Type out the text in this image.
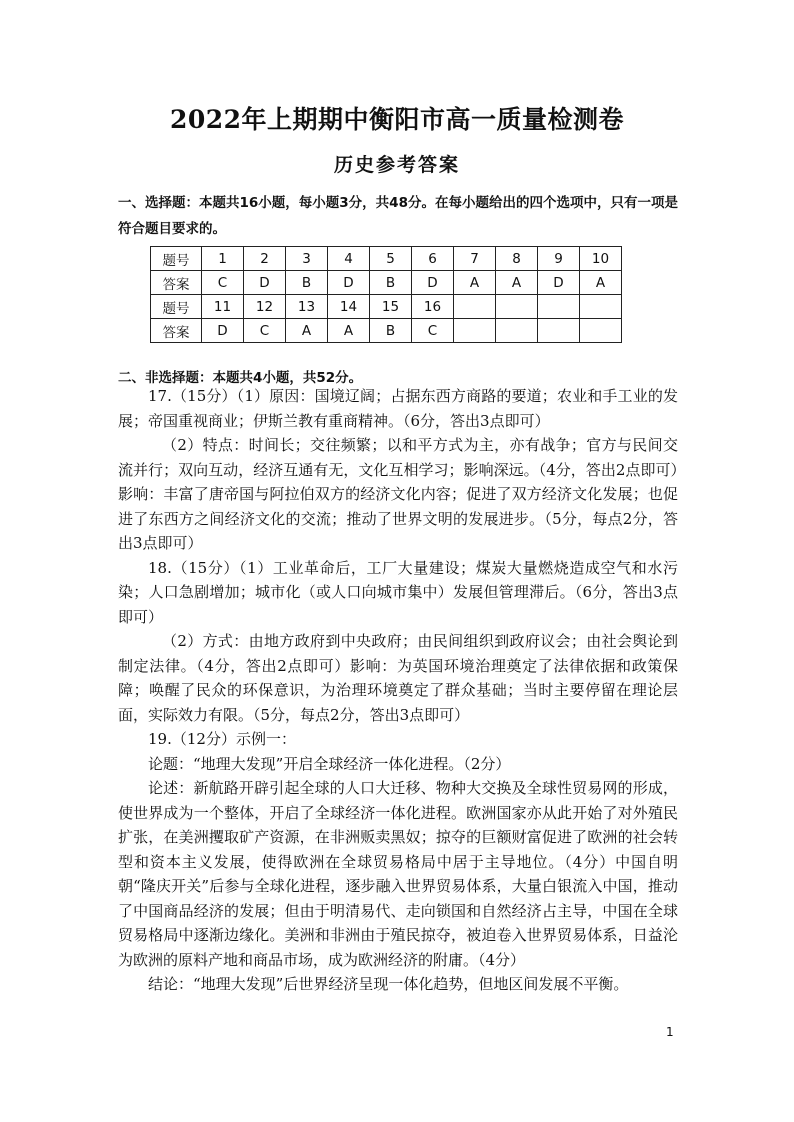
2022年上期期中衡阳市高一质量检测卷
历史参考答案
一、选择题：本题共16小题，每小题3分，共48分。在每小题给出的四个选项中，只有一项是符合题目要求的。
题号	1	2	3	4	5	6	7	8	9	10
答案	C	D	B	D	B	D	A	A	D	A
题号	11	12	13	14	15	16				
答案	D	C	A	A	B	C				
二、非选择题：本题共4小题，共52分。

17.（15分）（1）原因：国境辽阔；占据东西方商路的要道；农业和手工业的发展；帝国重视商业；伊斯兰教有重商精神。（6分，答出3点即可）

（2）特点：时间长；交往频繁；以和平方式为主，亦有战争；官方与民间交流并行；双向互动，经济互通有无，文化互相学习；影响深远。（4分，答出2点即可）影响：丰富了唐帝国与阿拉伯双方的经济文化内容；促进了双方经济文化发展；也促进了东西方之间经济文化的交流；推动了世界文明的发展进步。（5分，每点2分，答出3点即可）

18.（15分）（1）工业革命后，工厂大量建设；煤炭大量燃烧造成空气和水污染；人口急剧增加；城市化（或人口向城市集中）发展但管理滞后。（6分，答出3点即可）

（2）方式：由地方政府到中央政府；由民间组织到政府议会；由社会舆论到制定法律。（4分，答出2点即可）影响：为英国环境治理奠定了法律依据和政策保障；唤醒了民众的环保意识，为治理环境奠定了群众基础；当时主要停留在理论层面，实际效力有限。（5分，每点2分，答出3点即可）

19.（12分）示例一：

论题：“地理大发现”开启全球经济一体化进程。（2分）

论述：新航路开辟引起全球的人口大迁移、物种大交换及全球性贸易网的形成，使世界成为一个整体，开启了全球经济一体化进程。欧洲国家亦从此开始了对外殖民扩张，在美洲攫取矿产资源，在非洲贩卖黑奴；掠夺的巨额财富促进了欧洲的社会转型和资本主义发展，使得欧洲在全球贸易格局中居于主导地位。（4分）中国自明朝“隆庆开关”后参与全球化进程，逐步融入世界贸易体系，大量白银流入中国，推动了中国商品经济的发展；但由于明清易代、走向锁国和自然经济占主导，中国在全球贸易格局中逐渐边缘化。美洲和非洲由于殖民掠夺，被迫卷入世界贸易体系，日益沦为欧洲的原料产地和商品市场，成为欧洲经济的附庸。（4分）

结论：“地理大发现”后世界经济呈现一体化趋势，但地区间发展不平衡。

1
